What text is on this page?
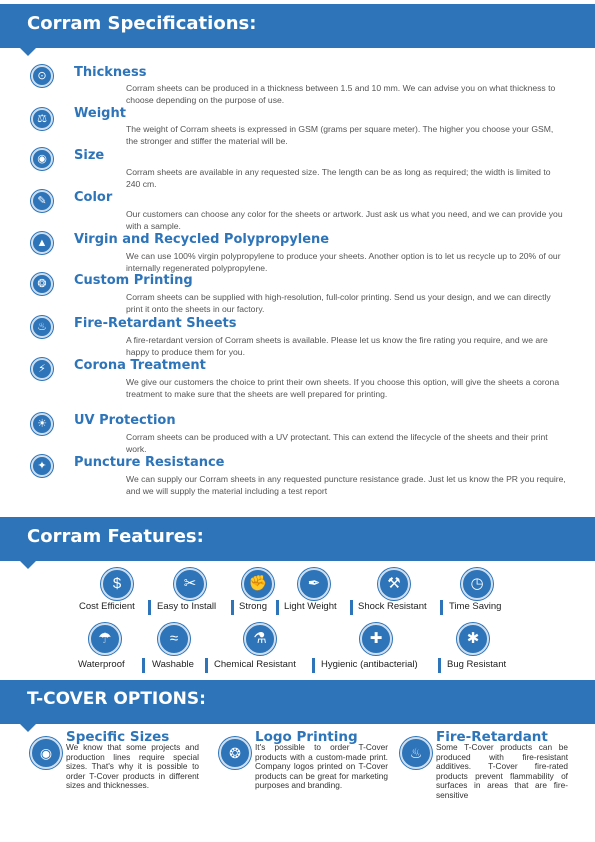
Corram Specifications:
⊙	Thickness
Corram sheets can be produced in a thickness between 1.5 and 10 mm. We can advise you on what thickness to choose depending on the purpose of use.
⚖	Weight
The weight of Corram sheets is expressed in GSM (grams per square meter). The higher you choose your GSM, the stronger and stiffer the material will be.
◉	Size
Corram sheets are available in any requested size. The length can be as long as required; the width is limited to 240 cm.
✎	Color
Our customers can choose any color for the sheets or artwork. Just ask us what you need, and we can provide you with a sample.
▲	Virgin and Recycled Polypropylene
We can use 100% virgin polypropylene to produce your sheets. Another option is to let us recycle up to 20% of our internally regenerated polypropylene.
❂	Custom Printing
Corram sheets can be supplied with high-resolution, full-color printing. Send us your design, and we can directly print it onto the sheets in our factory.
♨	Fire-Retardant Sheets
A fire-retardant version of Corram sheets is available. Please let us know the fire rating you require, and we are happy to produce them for you.
⚡	Corona Treatment
We give our customers the choice to print their own sheets. If you choose this option, will give the sheets a corona treatment to make sure that the sheets are well prepared for printing.
☀	UV Protection
Corram sheets can be produced with a UV protectant. This can extend the lifecycle of the sheets and their print work.
✦	Puncture Resistance
We can supply our Corram sheets in any requested puncture resistance grade. Just let us know the PR you require, and we will supply the material including a test report
Corram Features:
$
Cost Efficient
✂
Easy to Install
✊
Strong
✒
Light Weight
⚒
Shock Resistant
◷
Time Saving
☂
Waterproof
≈
Washable
⚗
Chemical Resistant
✚
Hygienic (antibacterial)
✱
Bug Resistant
T-COVER OPTIONS:
◉
Specific Sizes
We know that some projects and production lines require special sizes. That's why it is possible to order T-Cover products in different sizes and thicknesses.
❂
Logo Printing
It's possible to order T-Cover products with a custom-made print. Company logos printed on T-Cover products can be great for marketing purposes and branding.
♨
Fire-Retardant
Some T-Cover products can be produced with fire-resistant additives. T-Cover fire-rated products prevent flammability of surfaces in areas that are fire-sensitive
